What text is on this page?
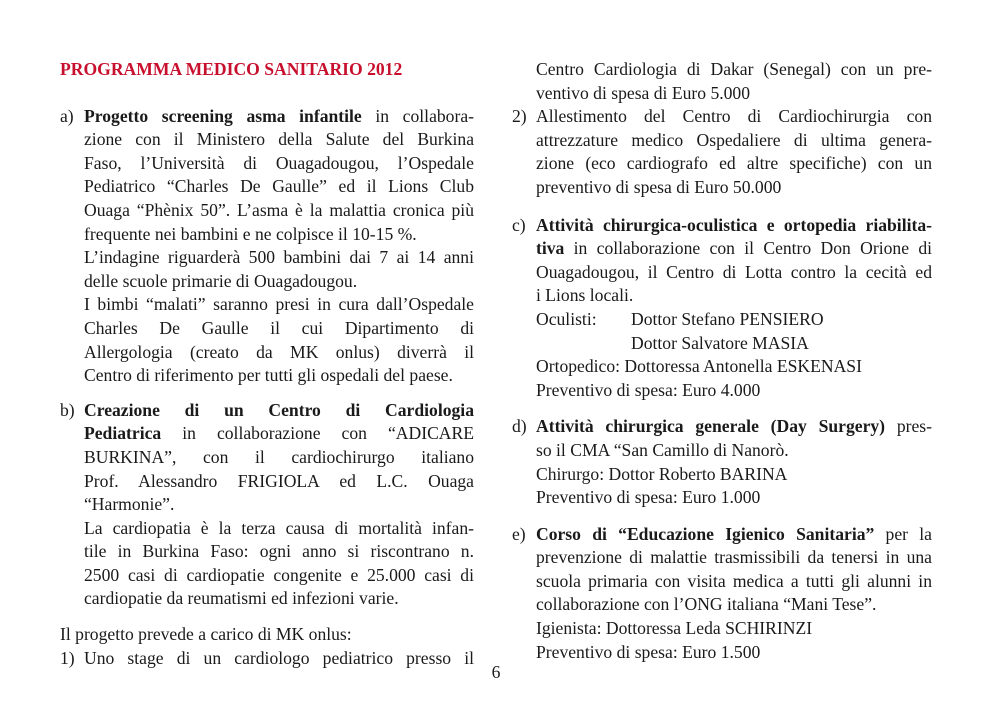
PROGRAMMA MEDICO SANITARIO 2012
a) Progetto screening asma infantile in collabora-
zione con il Ministero della Salute del Burkina
Faso, l’Università di Ouagadougou, l’Ospedale
Pediatrico “Charles De Gaulle” ed il Lions Club
Ouaga “Phènix 50”. L’asma è la malattia cronica più
frequente nei bambini e ne colpisce il 10-15 %.
L’indagine riguarderà 500 bambini dai 7 ai 14 anni
delle scuole primarie di Ouagadougou.
I bimbi “malati” saranno presi in cura dall’Ospedale
Charles De Gaulle il cui Dipartimento di
Allergologia (creato da MK onlus) diverrà il
Centro di riferimento per tutti gli ospedali del paese.
b) Creazione di un Centro di Cardiologia
Pediatrica in collaborazione con “ADICARE
BURKINA”, con il cardiochirurgo italiano
Prof. Alessandro FRIGIOLA ed L.C. Ouaga
“Harmonie”.
La cardiopatia è la terza causa di mortalità infan-
tile in Burkina Faso: ogni anno si riscontrano n.
2500 casi di cardiopatie congenite e 25.000 casi di
cardiopatie da reumatismi ed infezioni varie.
Il progetto prevede a carico di MK onlus:
1) Uno stage di un cardiologo pediatrico presso il
Centro Cardiologia di Dakar (Senegal) con un pre-
ventivo di spesa di Euro 5.000
2) Allestimento del Centro di Cardiochirurgia con
attrezzature medico Ospedaliere di ultima genera-
zione (eco cardiografo ed altre specifiche) con un
preventivo di spesa di Euro 50.000
c) Attività chirurgica-oculistica e ortopedia riabilita-
tiva in collaborazione con il Centro Don Orione di
Ouagadougou, il Centro di Lotta contro la cecità ed
i Lions locali.
Oculisti: Dottor Stefano PENSIERO
Dottor Salvatore MASIA
Ortopedico: Dottoressa Antonella ESKENASI
Preventivo di spesa: Euro 4.000
d) Attività chirurgica generale (Day Surgery) pres-
so il CMA “San Camillo di Nanorò.
Chirurgo: Dottor Roberto BARINA
Preventivo di spesa: Euro 1.000
e) Corso di “Educazione Igienico Sanitaria” per la
prevenzione di malattie trasmissibili da tenersi in una
scuola primaria con visita medica a tutti gli alunni in
collaborazione con l’ONG italiana “Mani Tese”.
Igienista: Dottoressa Leda SCHIRINZI
Preventivo di spesa: Euro 1.500
6
